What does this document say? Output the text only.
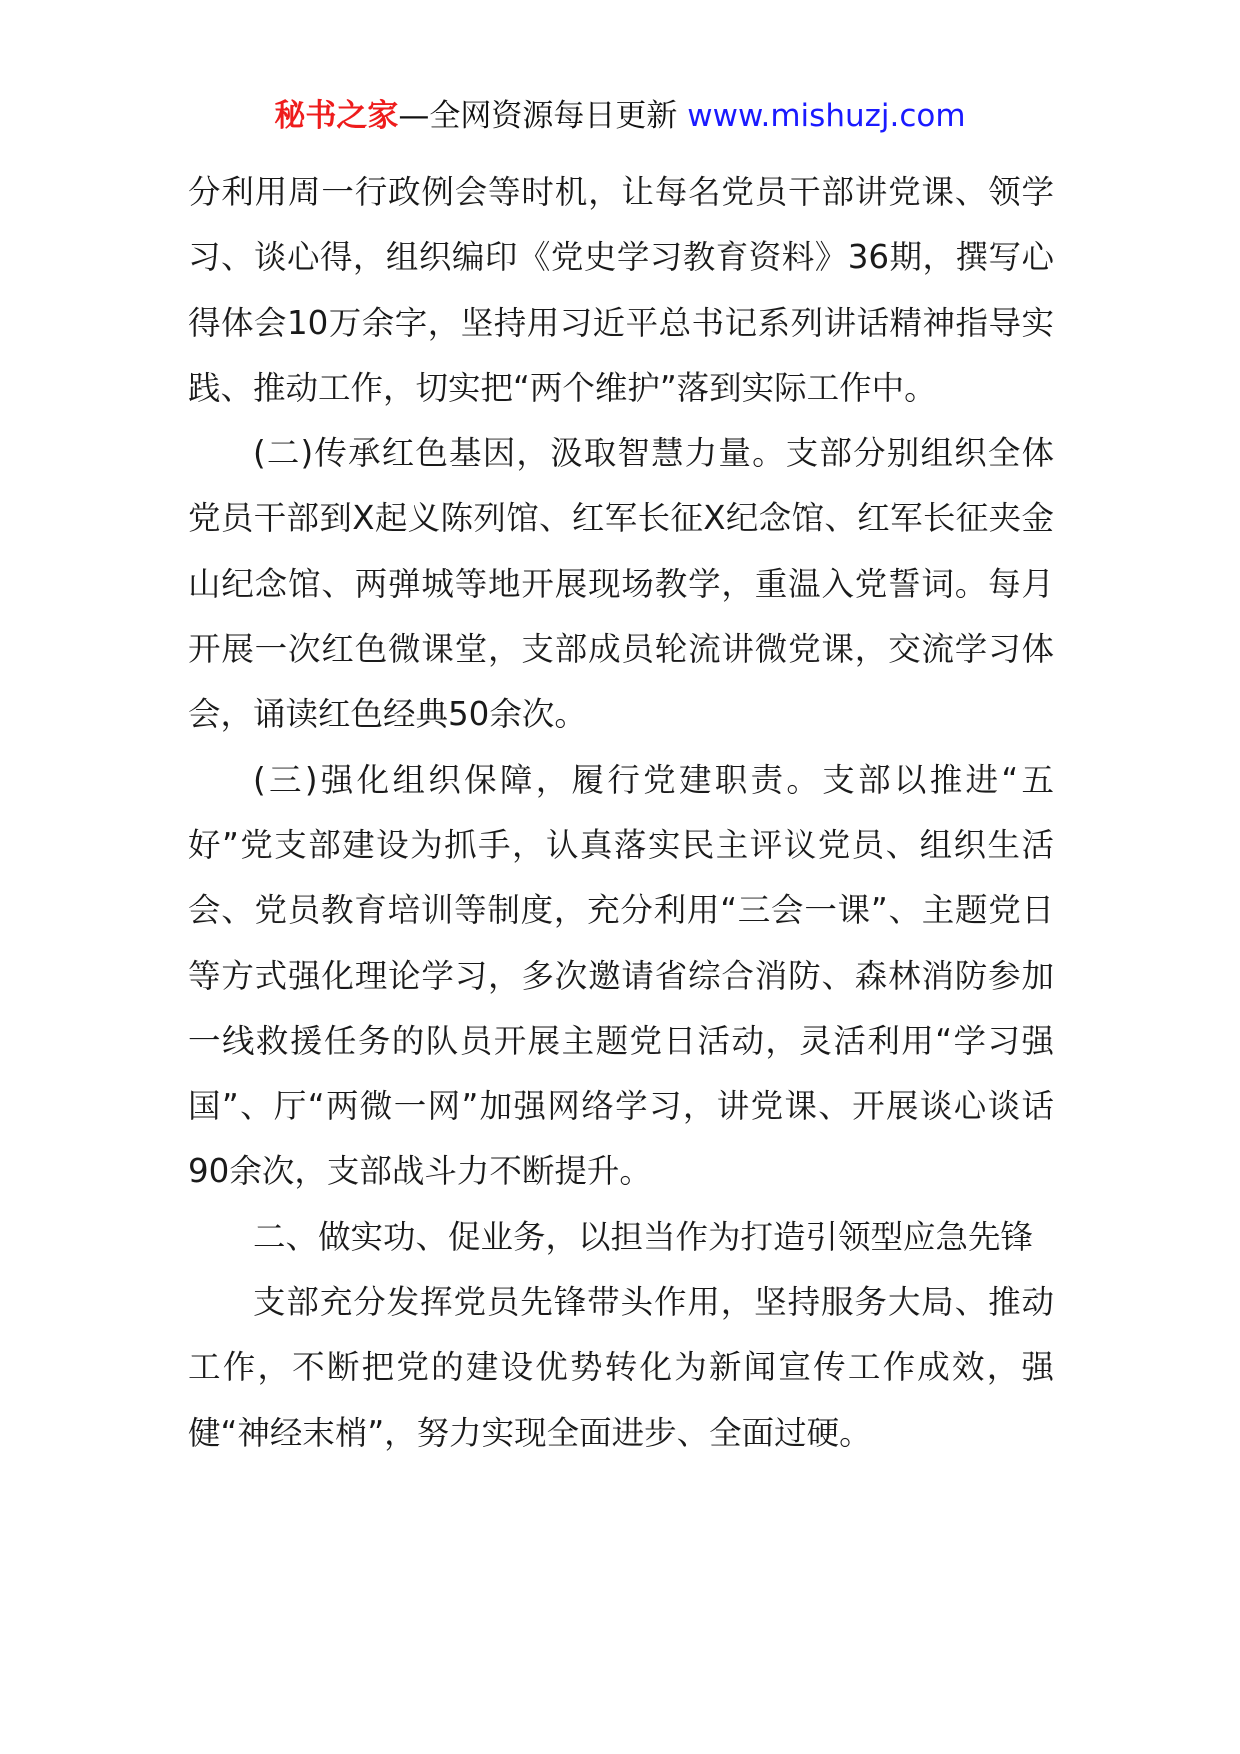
秘书之家—全网资源每日更新 www.mishuzj.com

分利用周一行政例会等时机，让每名党员干部讲党课、领学习、谈心得，组织编印《党史学习教育资料》36期，撰写心得体会10万余字，坚持用习近平总书记系列讲话精神指导实践、推动工作，切实把“两个维护”落到实际工作中。

(二)传承红色基因，汲取智慧力量。支部分别组织全体党员干部到X起义陈列馆、红军长征X纪念馆、红军长征夹金山纪念馆、两弹城等地开展现场教学，重温入党誓词。每月开展一次红色微课堂，支部成员轮流讲微党课，交流学习体会，诵读红色经典50余次。

(三)强化组织保障，履行党建职责。支部以推进“五好”党支部建设为抓手，认真落实民主评议党员、组织生活会、党员教育培训等制度，充分利用“三会一课”、主题党日等方式强化理论学习，多次邀请省综合消防、森林消防参加一线救援任务的队员开展主题党日活动，灵活利用“学习强国”、厅“两微一网”加强网络学习，讲党课、开展谈心谈话90余次，支部战斗力不断提升。

二、做实功、促业务，以担当作为打造引领型应急先锋

支部充分发挥党员先锋带头作用，坚持服务大局、推动工作，不断把党的建设优势转化为新闻宣传工作成效，强健“神经末梢”，努力实现全面进步、全面过硬。
